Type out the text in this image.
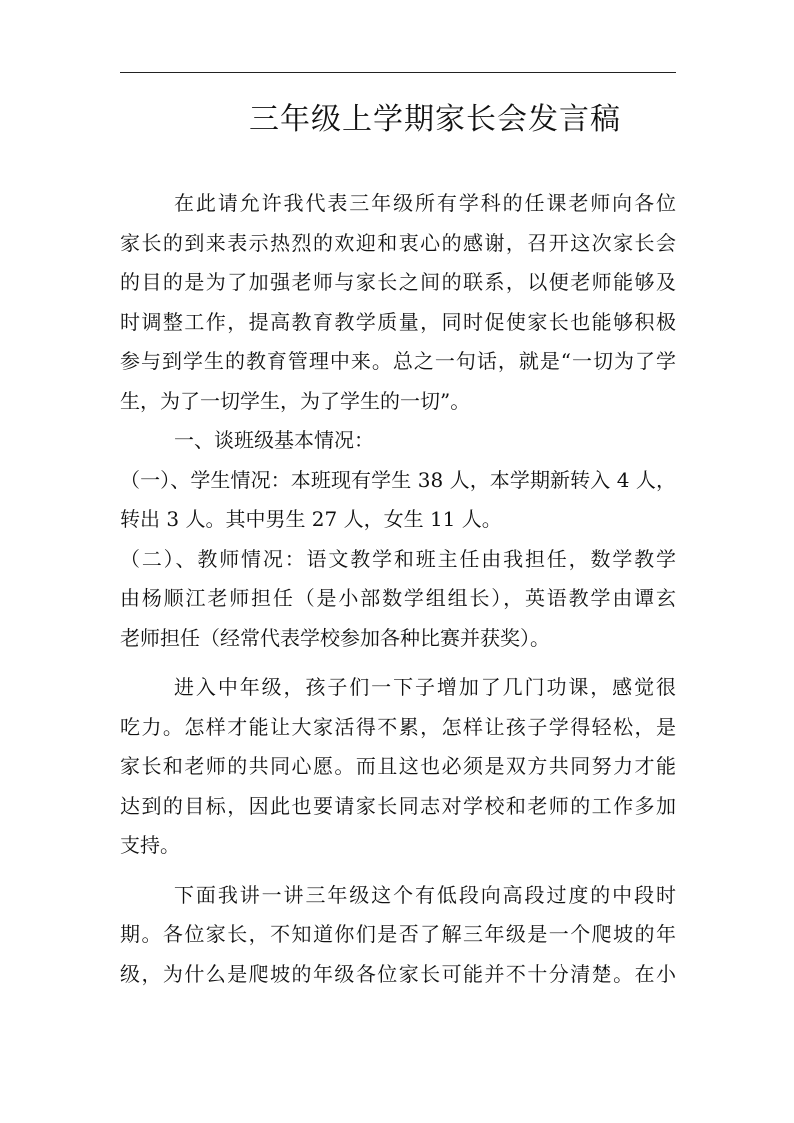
三年级上学期家长会发言稿
在此请允许我代表三年级所有学科的任课老师向各位
家长的到来表示热烈的欢迎和衷心的感谢，召开这次家长会
的目的是为了加强老师与家长之间的联系，以便老师能够及
时调整工作，提高教育教学质量，同时促使家长也能够积极
参与到学生的教育管理中来。总之一句话，就是“一切为了学
生，为了一切学生，为了学生的一切”。
一、谈班级基本情况：
（一）、学生情况：本班现有学生 38 人，本学期新转入 4 人，
转出 3 人。其中男生 27 人，女生 11 人。
（二）、教师情况：语文教学和班主任由我担任，数学教学
由杨顺江老师担任（是小部数学组组长），英语教学由谭玄
老师担任（经常代表学校参加各种比赛并获奖）。
进入中年级，孩子们一下子增加了几门功课，感觉很
吃力。怎样才能让大家活得不累，怎样让孩子学得轻松，是
家长和老师的共同心愿。而且这也必须是双方共同努力才能
达到的目标，因此也要请家长同志对学校和老师的工作多加
支持。
下面我讲一讲三年级这个有低段向高段过度的中段时
期。各位家长，不知道你们是否了解三年级是一个爬坡的年
级，为什么是爬坡的年级各位家长可能并不十分清楚。在小
